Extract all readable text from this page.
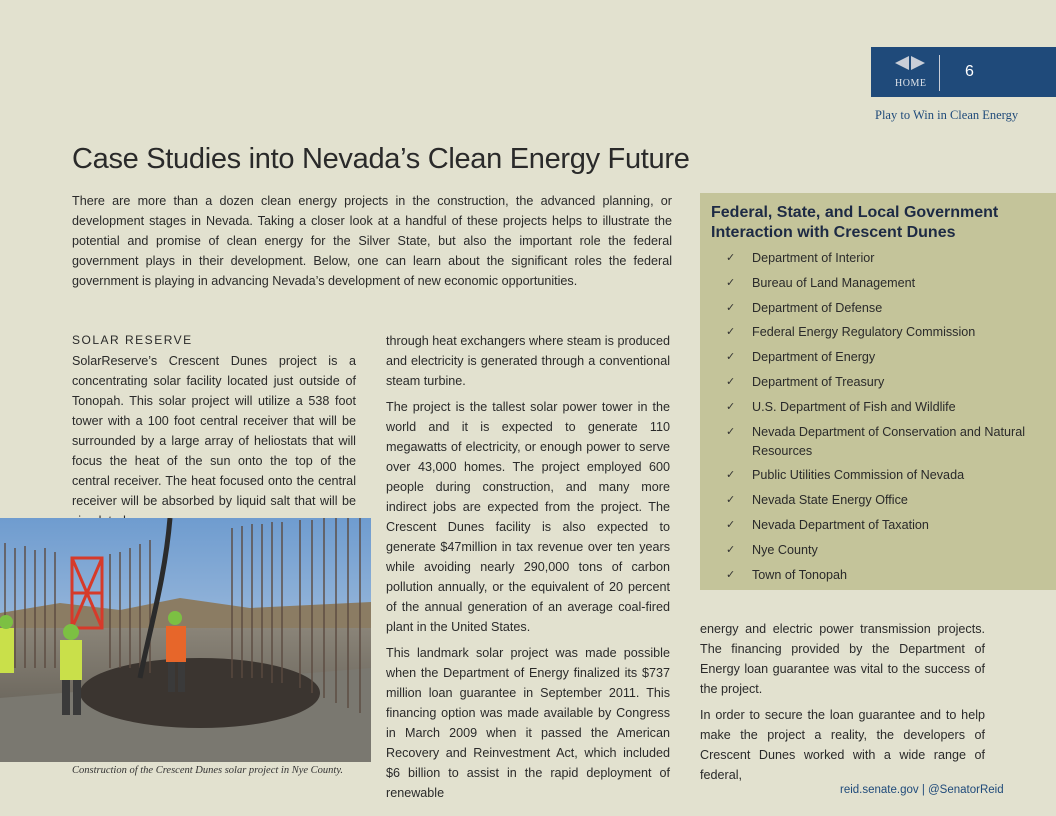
HOME
6
Play to Win in Clean Energy
Case Studies into Nevada’s Clean Energy Future

There are more than a dozen clean energy projects in the construction, the advanced planning, or development stages in Nevada. Taking a closer look at a handful of these projects helps to illustrate the potential and promise of clean energy for the Silver State, but also the important role the federal government plays in their development. Below, one can learn about the significant roles the federal government is playing in advancing Nevada’s development of new economic opportunities.

SOLAR RESERVE

SolarReserve’s Crescent Dunes project is a concentrating solar facility located just outside of Tonopah. This solar project will utilize a 538 foot tower with a 100 foot central receiver that will be surrounded by a large array of heliostats that will focus the heat of the sun onto the top of the central receiver. The heat focused onto the central receiver will be absorbed by liquid salt that will be

through heat exchangers where steam is produced and electricity is generated through a conventional steam turbine.

The project is the tallest solar power tower in the world and it is expected to generate 110 megawatts of electricity, or enough power to serve over 43,000 homes. The project employed 600 people during construction, and many more indirect jobs are expected from the project. The Crescent Dunes facility is also expected to generate $47million in tax revenue over ten years while avoiding nearly 290,000 tons of carbon pollution annually, or the equivalent of 20 percent of the annual generation of an average coal-fired plant in the United States.

This landmark solar project was made possible when the Department of Energy finalized its $737 million loan guarantee in September 2011. This financing option was made available by Congress in March 2009 when it passed the American Recovery and Reinvestment Act, which included $6 billion to assist in the rapid deployment of renewable

energy and electric power transmission projects. The financing provided by the Department of Energy loan guarantee was vital to the success of the project.

In order to secure the loan guarantee and to help make the project a reality, the developers of Crescent Dunes worked with a wide range of federal,

Construction of the Crescent Dunes solar project in Nye County.
Federal, State, and Local Government Interaction with Crescent Dunes
✓ Department of Interior
✓ Bureau of Land Management
✓ Department of Defense
✓ Federal Energy Regulatory Commission
✓ Department of Energy
✓ Department of Treasury
✓ U.S. Department of Fish and Wildlife
✓ Nevada Department of Conservation and Natural Resources
✓ Public Utilities Commission of Nevada
✓ Nevada State Energy Office
✓ Nevada Department of Taxation
✓ Nye County
✓ Town of Tonopah
reid.senate.gov | @SenatorReid
